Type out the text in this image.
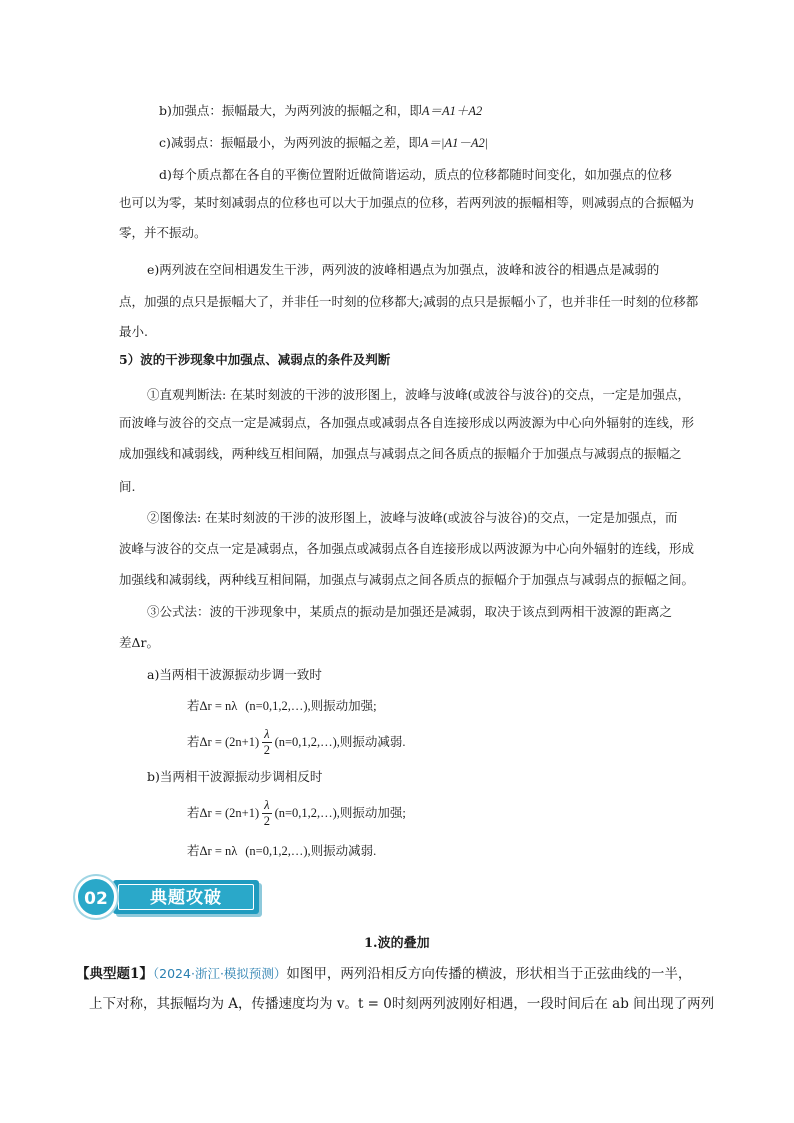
b)加强点：振幅最大，为两列波的振幅之和，即A＝A1＋A2
c)减弱点：振幅最小，为两列波的振幅之差，即A＝|A1－A2|
d)每个质点都在各自的平衡位置附近做简谐运动，质点的位移都随时间变化，如加强点的位移
也可以为零，某时刻减弱点的位移也可以大于加强点的位移，若两列波的振幅相等，则减弱点的合振幅为
零，并不振动。
e)两列波在空间相遇发生干涉，两列波的波峰相遇点为加强点，波峰和波谷的相遇点是减弱的
点，加强的点只是振幅大了，并非任一时刻的位移都大;减弱的点只是振幅小了，也并非任一时刻的位移都
最小.
5）波的干涉现象中加强点、减弱点的条件及判断
①直观判断法: 在某时刻波的干涉的波形图上，波峰与波峰(或波谷与波谷)的交点，一定是加强点，
而波峰与波谷的交点一定是减弱点，各加强点或减弱点各自连接形成以两波源为中心向外辐射的连线，形
成加强线和减弱线，两种线互相间隔，加强点与减弱点之间各质点的振幅介于加强点与减弱点的振幅之
间.
②图像法: 在某时刻波的干涉的波形图上，波峰与波峰(或波谷与波谷)的交点，一定是加强点，而
波峰与波谷的交点一定是减弱点，各加强点或减弱点各自连接形成以两波源为中心向外辐射的连线，形成
加强线和减弱线，两种线互相间隔，加强点与减弱点之间各质点的振幅介于加强点与减弱点的振幅之间。
③公式法：波的干涉现象中，某质点的振动是加强还是减弱，取决于该点到两相干波源的距离之
差Δr。
a)当两相干波源振动步调一致时
若Δr = nλ (n=0,1,2,…),则振动加强;
若$\Delta r = (2n+1) \frac{\lambda}{2}$ (n=0,1,2,…),则振动减弱.
b)当两相干波源振动步调相反时
若$\Delta r = (2n+1) \frac{\lambda}{2}$ (n=0,1,2,…),则振动加强;
若Δr = nλ (n=0,1,2,…),则振动减弱.
典题攻破
02
1.波的叠加
【典型题1】（2024·浙江·模拟预测）如图甲，两列沿相反方向传播的横波，形状相当于正弦曲线的一半，
上下对称，其振幅均为 A，传播速度均为 v。t = 0时刻两列波刚好相遇，一段时间后在 ab 间出现了两列
